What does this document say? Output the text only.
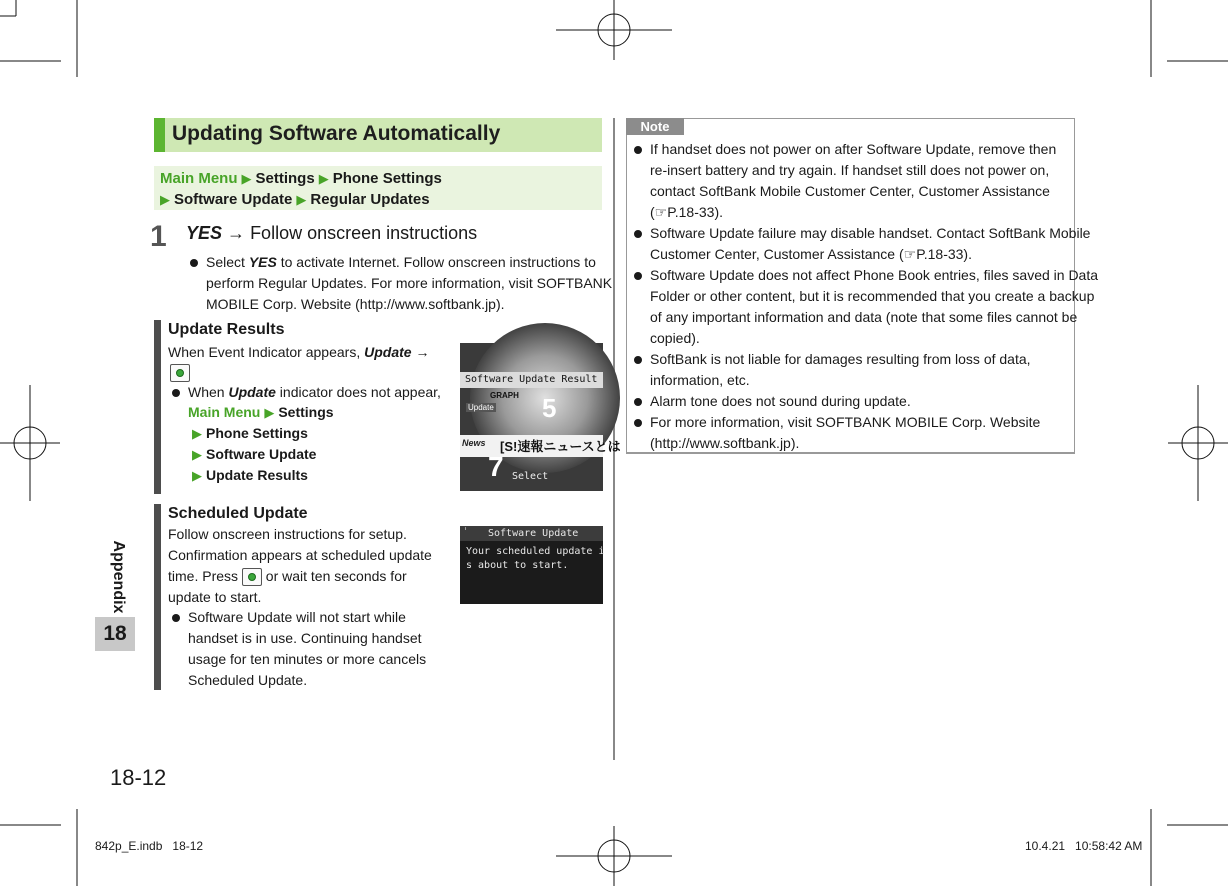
Updating Software Automatically
Main Menu ▶ Settings ▶ Phone Settings
▶ Software Update ▶ Regular Updates
1 YES → Follow onscreen instructions
Select YES to activate Internet. Follow onscreen instructions to
perform Regular Updates. For more information, visit SOFTBANK
MOBILE Corp. Website (http://www.softbank.jp).
Update Results
When Event Indicator appears, Update →
When Update indicator does not appear,
Main Menu ▶ Settings
▶ Phone Settings
▶ Software Update
▶ Update Results
Software Update Result
Update
GRAPH 5
News [S!速報ニュースとは
7 Select
Scheduled Update
Follow onscreen instructions for setup.
Confirmation appears at scheduled update
time. Press
or wait ten seconds for
update to start.
Software Update will not start while
handset is in use. Continuing handset
usage for ten minutes or more cancels
Scheduled Update.
Software Update
Your scheduled update i
s about to start.
Note
If handset does not power on after Software Update, remove then
re-insert battery and try again. If handset still does not power on,
contact SoftBank Mobile Customer Center, Customer Assistance
(☞P.18-33).
Software Update failure may disable handset. Contact SoftBank Mobile
Customer Center, Customer Assistance (☞P.18-33).
Software Update does not affect Phone Book entries, files saved in Data
Folder or other content, but it is recommended that you create a backup
of any important information and data (note that some files cannot be
copied).
SoftBank is not liable for damages resulting from loss of data,
information, etc.
Alarm tone does not sound during update.
For more information, visit SOFTBANK MOBILE Corp. Website
(http://www.softbank.jp).
Appendix
18
18-12
842p_E.indb   18-12	10.4.21   10:58:42 AM
